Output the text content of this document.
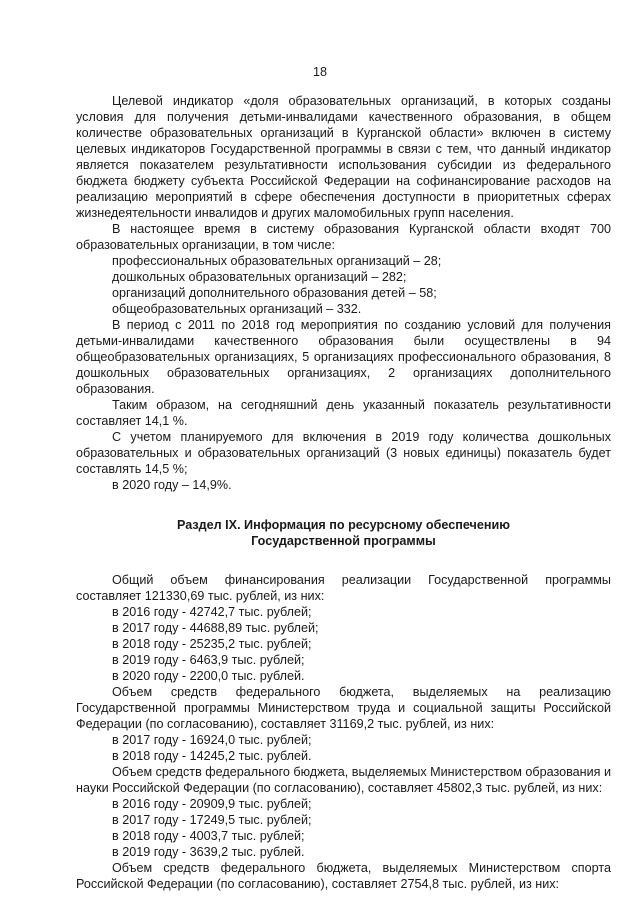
18

Целевой индикатор «доля образовательных организаций, в которых созданы условия для получения детьми-инвалидами качественного образования, в общем количестве образовательных организаций в Курганской области» включен в систему целевых индикаторов Государственной программы в связи с тем, что данный индикатор является показателем результативности использования субсидии из федерального бюджета бюджету субъекта Российской Федерации на софинансирование расходов на реализацию мероприятий в сфере обеспечения доступности в приоритетных сферах жизнедеятельности инвалидов и других маломобильных групп населения.

В настоящее время в систему образования Курганской области входят 700 образовательных организации, в том числе:

профессиональных образовательных организаций – 28;

дошкольных образовательных организаций – 282;

организаций дополнительного образования детей – 58;

общеобразовательных организаций – 332.

В период с 2011 по 2018 год мероприятия по созданию условий для получения детьми-инвалидами качественного образования были осуществлены в 94 общеобразовательных организациях, 5 организациях профессионального образования, 8 дошкольных образовательных организациях, 2 организациях дополнительного образования.

Таким образом, на сегодняшний день указанный показатель результативности составляет 14,1 %.

С учетом планируемого для включения в 2019 году количества дошкольных образовательных и образовательных организаций (3 новых единицы) показатель будет составлять 14,5 %;

в 2020 году – 14,9%.

Раздел IX. Информация по ресурсному обеспечению
Государственной программы

Общий объем финансирования реализации Государственной программы составляет 121330,69 тыс. рублей, из них:

в 2016 году - 42742,7 тыс. рублей;

в 2017 году - 44688,89 тыс. рублей;

в 2018 году - 25235,2 тыс. рублей;

в 2019 году - 6463,9 тыс. рублей;

в 2020 году - 2200,0 тыс. рублей.

Объем средств федерального бюджета, выделяемых на реализацию Государственной программы Министерством труда и социальной защиты Российской Федерации (по согласованию), составляет 31169,2 тыс. рублей, из них:

в 2017 году - 16924,0 тыс. рублей;

в 2018 году - 14245,2 тыс. рублей.

Объем средств федерального бюджета, выделяемых Министерством образования и науки Российской Федерации (по согласованию), составляет 45802,3 тыс. рублей, из них:

в 2016 году - 20909,9 тыс. рублей;

в 2017 году - 17249,5 тыс. рублей;

в 2018 году - 4003,7 тыс. рублей;

в 2019 году - 3639,2 тыс. рублей.

Объем средств федерального бюджета, выделяемых Министерством спорта Российской Федерации (по согласованию), составляет 2754,8 тыс. рублей, из них:
